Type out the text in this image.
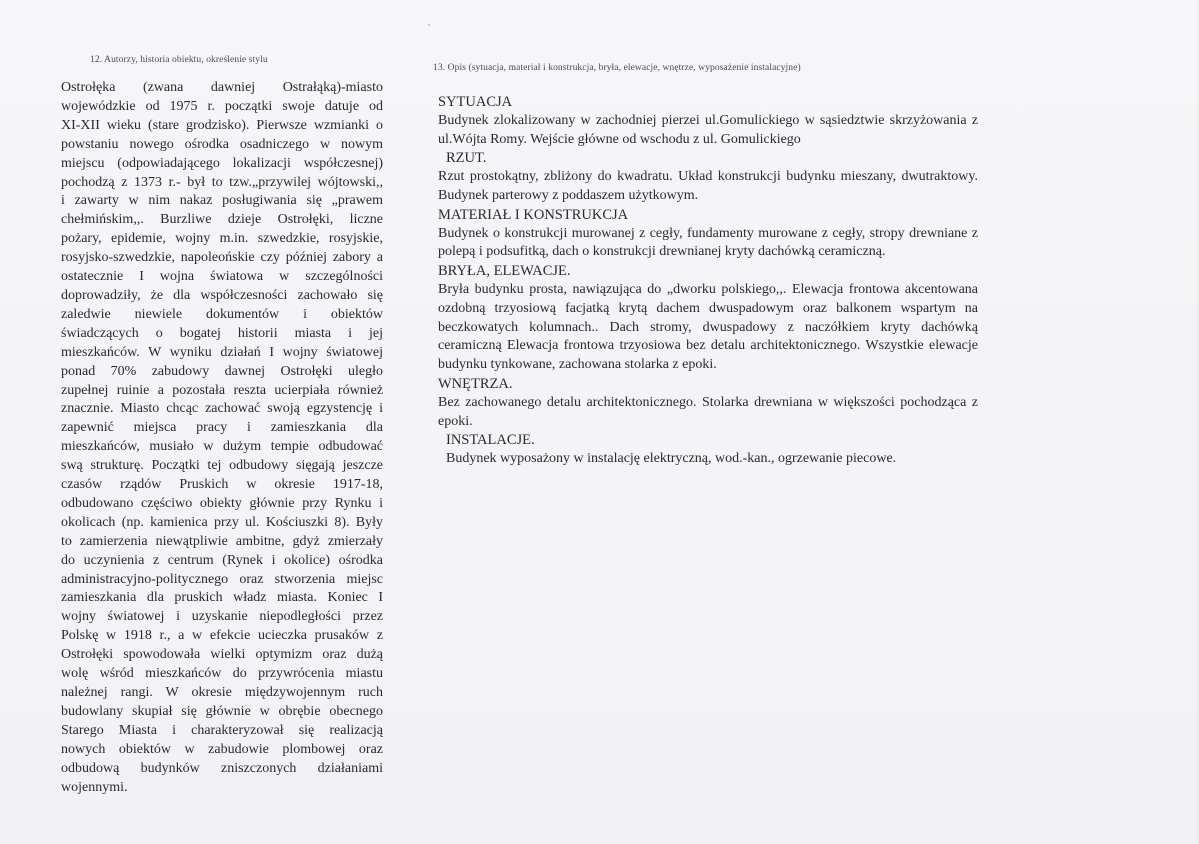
12. Autorzy, historia obiektu, określenie stylu
13. Opis (sytuacja, materiał i konstrukcja, bryła, elewacje, wnętrze, wyposażenie instalacyjne)

Ostrołęka (zwana dawniej Ostrałąką)-miasto

wojewódzkie od 1975 r. początki swoje datuje od

XI-XII wieku (stare grodzisko). Pierwsze wzmianki o

powstaniu nowego ośrodka osadniczego w nowym

miejscu (odpowiadającego lokalizacji współczesnej)

pochodzą z 1373 r.- był to tzw.„przywilej wójtowski,,

i zawarty w nim nakaz posługiwania się „prawem

chełmińskim,,. Burzliwe dzieje Ostrołęki, liczne

pożary, epidemie, wojny m.in. szwedzkie, rosyjskie,

rosyjsko-szwedzkie, napoleońskie czy później zabory a

ostatecznie I wojna światowa w szczególności

doprowadziły, że dla współczesności zachowało się

zaledwie niewiele dokumentów i obiektów

świadczących o bogatej historii miasta i jej

mieszkańców. W wyniku działań I wojny światowej

ponad 70% zabudowy dawnej Ostrołęki uległo

zupełnej ruinie a pozostała reszta ucierpiała również

znacznie. Miasto chcąc zachować swoją egzystencję i

zapewnić miejsca pracy i zamieszkania dla

mieszkańców, musiało w dużym tempie odbudować

swą strukturę. Początki tej odbudowy sięgają jeszcze

czasów rządów Pruskich w okresie 1917-18,

odbudowano częściwo obiekty głównie przy Rynku i

okolicach (np. kamienica przy ul. Kościuszki 8). Były

to zamierzenia niewątpliwie ambitne, gdyż zmierzały

do uczynienia z centrum (Rynek i okolice) ośrodka

administracyjno-politycznego oraz stworzenia miejsc

zamieszkania dla pruskich władz miasta. Koniec I

wojny światowej i uzyskanie niepodległości przez

Polskę w 1918 r., a w efekcie ucieczka prusaków z

Ostrołęki spowodowała wielki optymizm oraz dużą

wolę wśród mieszkańców do przywrócenia miastu

należnej rangi. W okresie międzywojennym ruch

budowlany skupiał się głównie w obrębie obecnego

Starego Miasta i charakteryzował się realizacją

nowych obiektów w zabudowie plombowej oraz

odbudową budynków zniszczonych działaniami

wojennymi.

SYTUACJA

Budynek zlokalizowany w zachodniej pierzei ul.Gomulickiego w sąsiedztwie skrzyżowania z ul.Wójta Romy. Wejście główne od wschodu z ul. Gomulickiego

RZUT.

Rzut prostokątny, zbliżony do kwadratu. Układ konstrukcji budynku mieszany, dwutraktowy. Budynek parterowy z poddaszem użytkowym.

MATERIAŁ I KONSTRUKCJA

Budynek o konstrukcji murowanej z cegły, fundamenty murowane z cegły, stropy drewniane z polepą i podsufitką, dach o konstrukcji drewnianej kryty dachówką ceramiczną.

BRYŁA, ELEWACJE.

Bryła budynku prosta, nawiązująca do „dworku polskiego,,. Elewacja frontowa akcentowana ozdobną trzyosiową facjatką krytą dachem dwuspadowym oraz balkonem wspartym na beczkowatych kolumnach.. Dach stromy, dwuspadowy z naczółkiem kryty dachówką ceramiczną Elewacja frontowa trzyosiowa bez detalu architektonicznego. Wszystkie elewacje budynku tynkowane, zachowana stolarka z epoki.

WNĘTRZA.

Bez zachowanego detalu architektonicznego. Stolarka drewniana w większości pochodząca z epoki.

INSTALACJE.

Budynek wyposażony w instalację elektryczną, wod.-kan., ogrzewanie piecowe.
